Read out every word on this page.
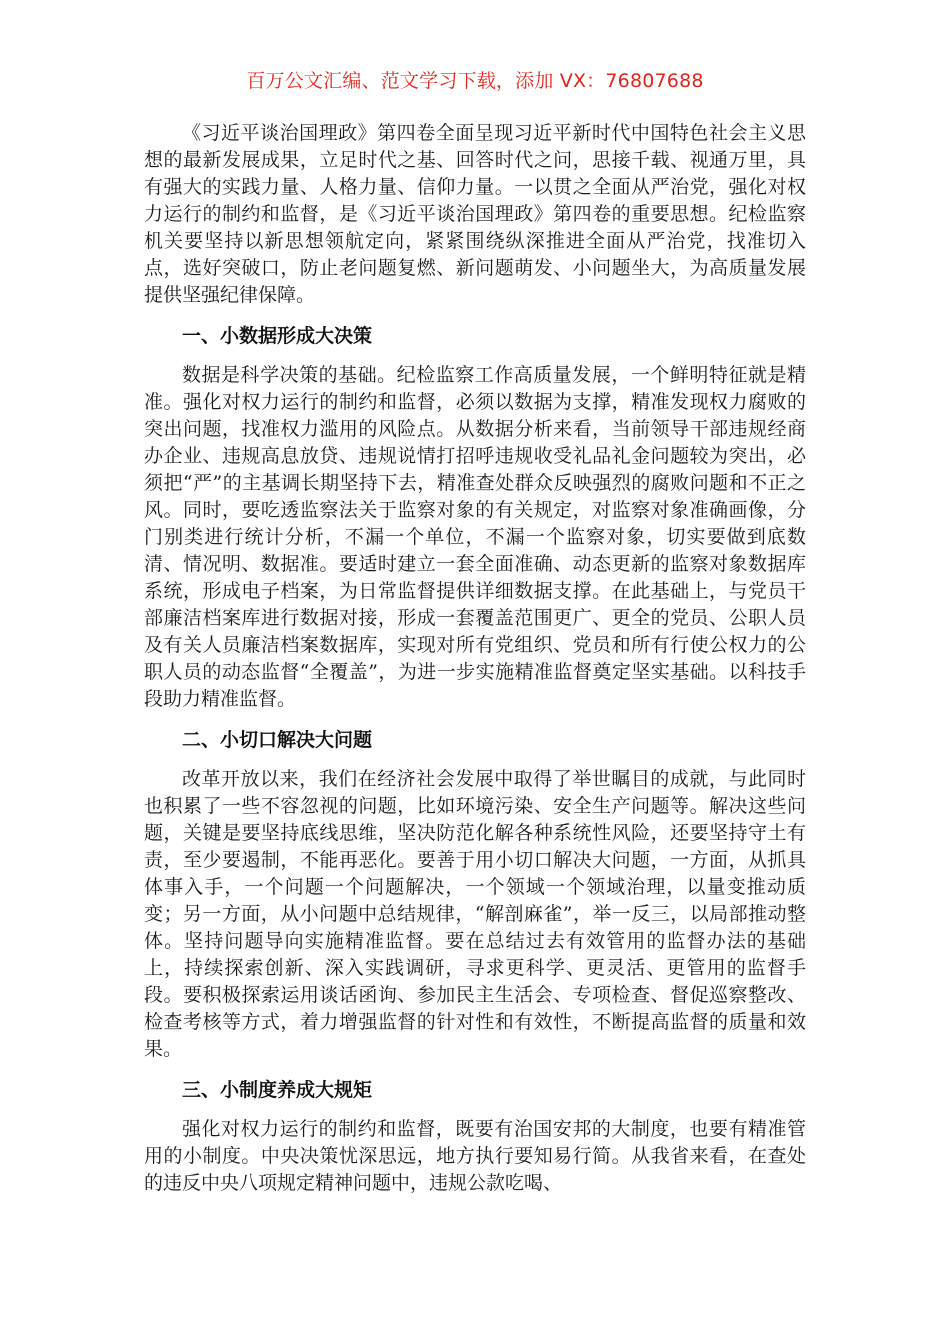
百万公文汇编、范文学习下载，添加 VX：76807688

《习近平谈治国理政》第四卷全面呈现习近平新时代中国特色社会主义思想的最新发展成果，立足时代之基、回答时代之问，思接千载、视通万里，具有强大的实践力量、人格力量、信仰力量。一以贯之全面从严治党，强化对权力运行的制约和监督，是《习近平谈治国理政》第四卷的重要思想。纪检监察机关要坚持以新思想领航定向，紧紧围绕纵深推进全面从严治党，找准切入点，选好突破口，防止老问题复燃、新问题萌发、小问题坐大，为高质量发展提供坚强纪律保障。

一、小数据形成大决策

数据是科学决策的基础。纪检监察工作高质量发展，一个鲜明特征就是精准。强化对权力运行的制约和监督，必须以数据为支撑，精准发现权力腐败的突出问题，找准权力滥用的风险点。从数据分析来看，当前领导干部违规经商办企业、违规高息放贷、违规说情打招呼违规收受礼品礼金问题较为突出，必须把“严”的主基调长期坚持下去，精准查处群众反映强烈的腐败问题和不正之风。同时，要吃透监察法关于监察对象的有关规定，对监察对象准确画像，分门别类进行统计分析，不漏一个单位，不漏一个监察对象，切实要做到底数清、情况明、数据准。要适时建立一套全面准确、动态更新的监察对象数据库系统，形成电子档案，为日常监督提供详细数据支撑。在此基础上，与党员干部廉洁档案库进行数据对接，形成一套覆盖范围更广、更全的党员、公职人员及有关人员廉洁档案数据库，实现对所有党组织、党员和所有行使公权力的公职人员的动态监督“全覆盖”，为进一步实施精准监督奠定坚实基础。以科技手段助力精准监督。

二、小切口解决大问题

改革开放以来，我们在经济社会发展中取得了举世瞩目的成就，与此同时也积累了一些不容忽视的问题，比如环境污染、安全生产问题等。解决这些问题，关键是要坚持底线思维，坚决防范化解各种系统性风险，还要坚持守土有责，至少要遏制，不能再恶化。要善于用小切口解决大问题，一方面，从抓具体事入手，一个问题一个问题解决，一个领域一个领域治理，以量变推动质变；另一方面，从小问题中总结规律，“解剖麻雀”，举一反三，以局部推动整体。坚持问题导向实施精准监督。要在总结过去有效管用的监督办法的基础上，持续探索创新、深入实践调研，寻求更科学、更灵活、更管用的监督手段。要积极探索运用谈话函询、参加民主生活会、专项检查、督促巡察整改、检查考核等方式，着力增强监督的针对性和有效性，不断提高监督的质量和效果。

三、小制度养成大规矩

强化对权力运行的制约和监督，既要有治国安邦的大制度，也要有精准管用的小制度。中央决策忧深思远，地方执行要知易行简。从我省来看，在查处的违反中央八项规定精神问题中，违规公款吃喝、
